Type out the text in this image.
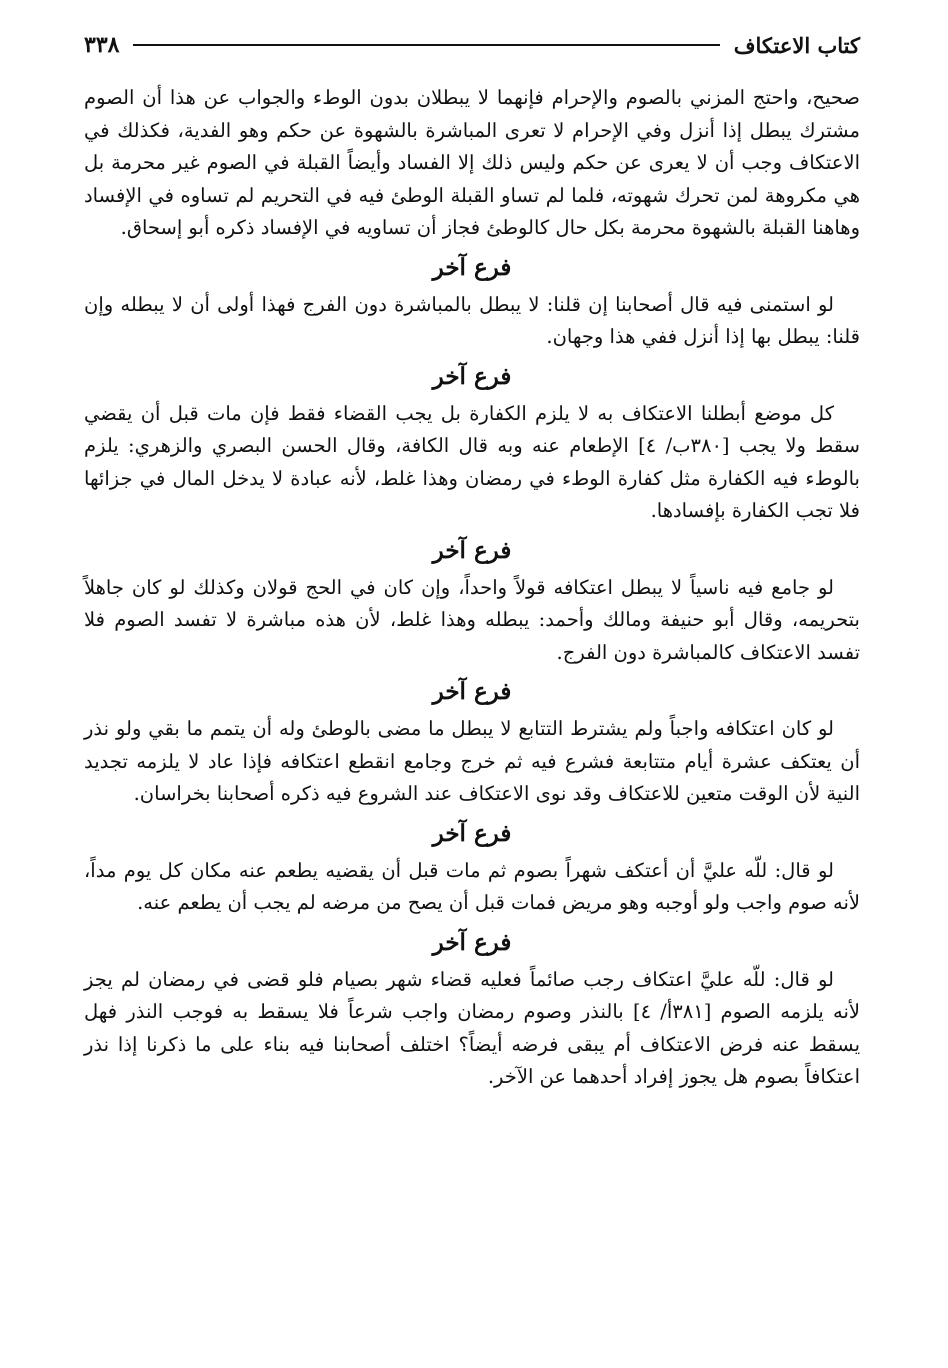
كتاب الاعتكاف
٣٣٨

صحيح، واحتج المزني بالصوم والإحرام فإنهما لا يبطلان بدون الوطء والجواب عن هذا أن الصوم مشترك يبطل إذا أنزل وفي الإحرام لا تعرى المباشرة بالشهوة عن حكم وهو الفدية، فكذلك في الاعتكاف وجب أن لا يعرى عن حكم وليس ذلك إلا الفساد وأيضاً القبلة في الصوم غير محرمة بل هي مكروهة لمن تحرك شهوته، فلما لم تساو القبلة الوطئ فيه في التحريم لم تساوه في الإفساد وهاهنا القبلة بالشهوة محرمة بكل حال كالوطئ فجاز أن تساويه في الإفساد ذكره أبو إسحاق.

فرع آخر

لو استمنى فيه قال أصحابنا إن قلنا: لا يبطل بالمباشرة دون الفرج فهذا أولى أن لا يبطله وإن قلنا: يبطل بها إذا أنزل ففي هذا وجهان.

فرع آخر

كل موضع أبطلنا الاعتكاف به لا يلزم الكفارة بل يجب القضاء فقط فإن مات قبل أن يقضي سقط ولا يجب [٣٨٠ب/ ٤] الإطعام عنه وبه قال الكافة، وقال الحسن البصري والزهري: يلزم بالوطء فيه الكفارة مثل كفارة الوطء في رمضان وهذا غلط، لأنه عبادة لا يدخل المال في جزائها فلا تجب الكفارة بإفسادها.

فرع آخر

لو جامع فيه ناسياً لا يبطل اعتكافه قولاً واحداً، وإن كان في الحج قولان وكذلك لو كان جاهلاً بتحريمه، وقال أبو حنيفة ومالك وأحمد: يبطله وهذا غلط، لأن هذه مباشرة لا تفسد الصوم فلا تفسد الاعتكاف كالمباشرة دون الفرج.

فرع آخر

لو كان اعتكافه واجباً ولم يشترط التتابع لا يبطل ما مضى بالوطئ وله أن يتمم ما بقي ولو نذر أن يعتكف عشرة أيام متتابعة فشرع فيه ثم خرج وجامع انقطع اعتكافه فإذا عاد لا يلزمه تجديد النية لأن الوقت متعين للاعتكاف وقد نوى الاعتكاف عند الشروع فيه ذكره أصحابنا بخراسان.

فرع آخر

لو قال: للّه عليَّ أن أعتكف شهراً بصوم ثم مات قبل أن يقضيه يطعم عنه مكان كل يوم مداً، لأنه صوم واجب ولو أوجبه وهو مريض فمات قبل أن يصح من مرضه لم يجب أن يطعم عنه.

فرع آخر

لو قال: للّه عليَّ اعتكاف رجب صائماً فعليه قضاء شهر بصيام فلو قضى في رمضان لم يجز لأنه يلزمه الصوم [٣٨١أ/ ٤] بالنذر وصوم رمضان واجب شرعاً فلا يسقط به فوجب النذر فهل يسقط عنه فرض الاعتكاف أم يبقى فرضه أيضاً؟ اختلف أصحابنا فيه بناء على ما ذكرنا إذا نذر اعتكافاً بصوم هل يجوز إفراد أحدهما عن الآخر.
